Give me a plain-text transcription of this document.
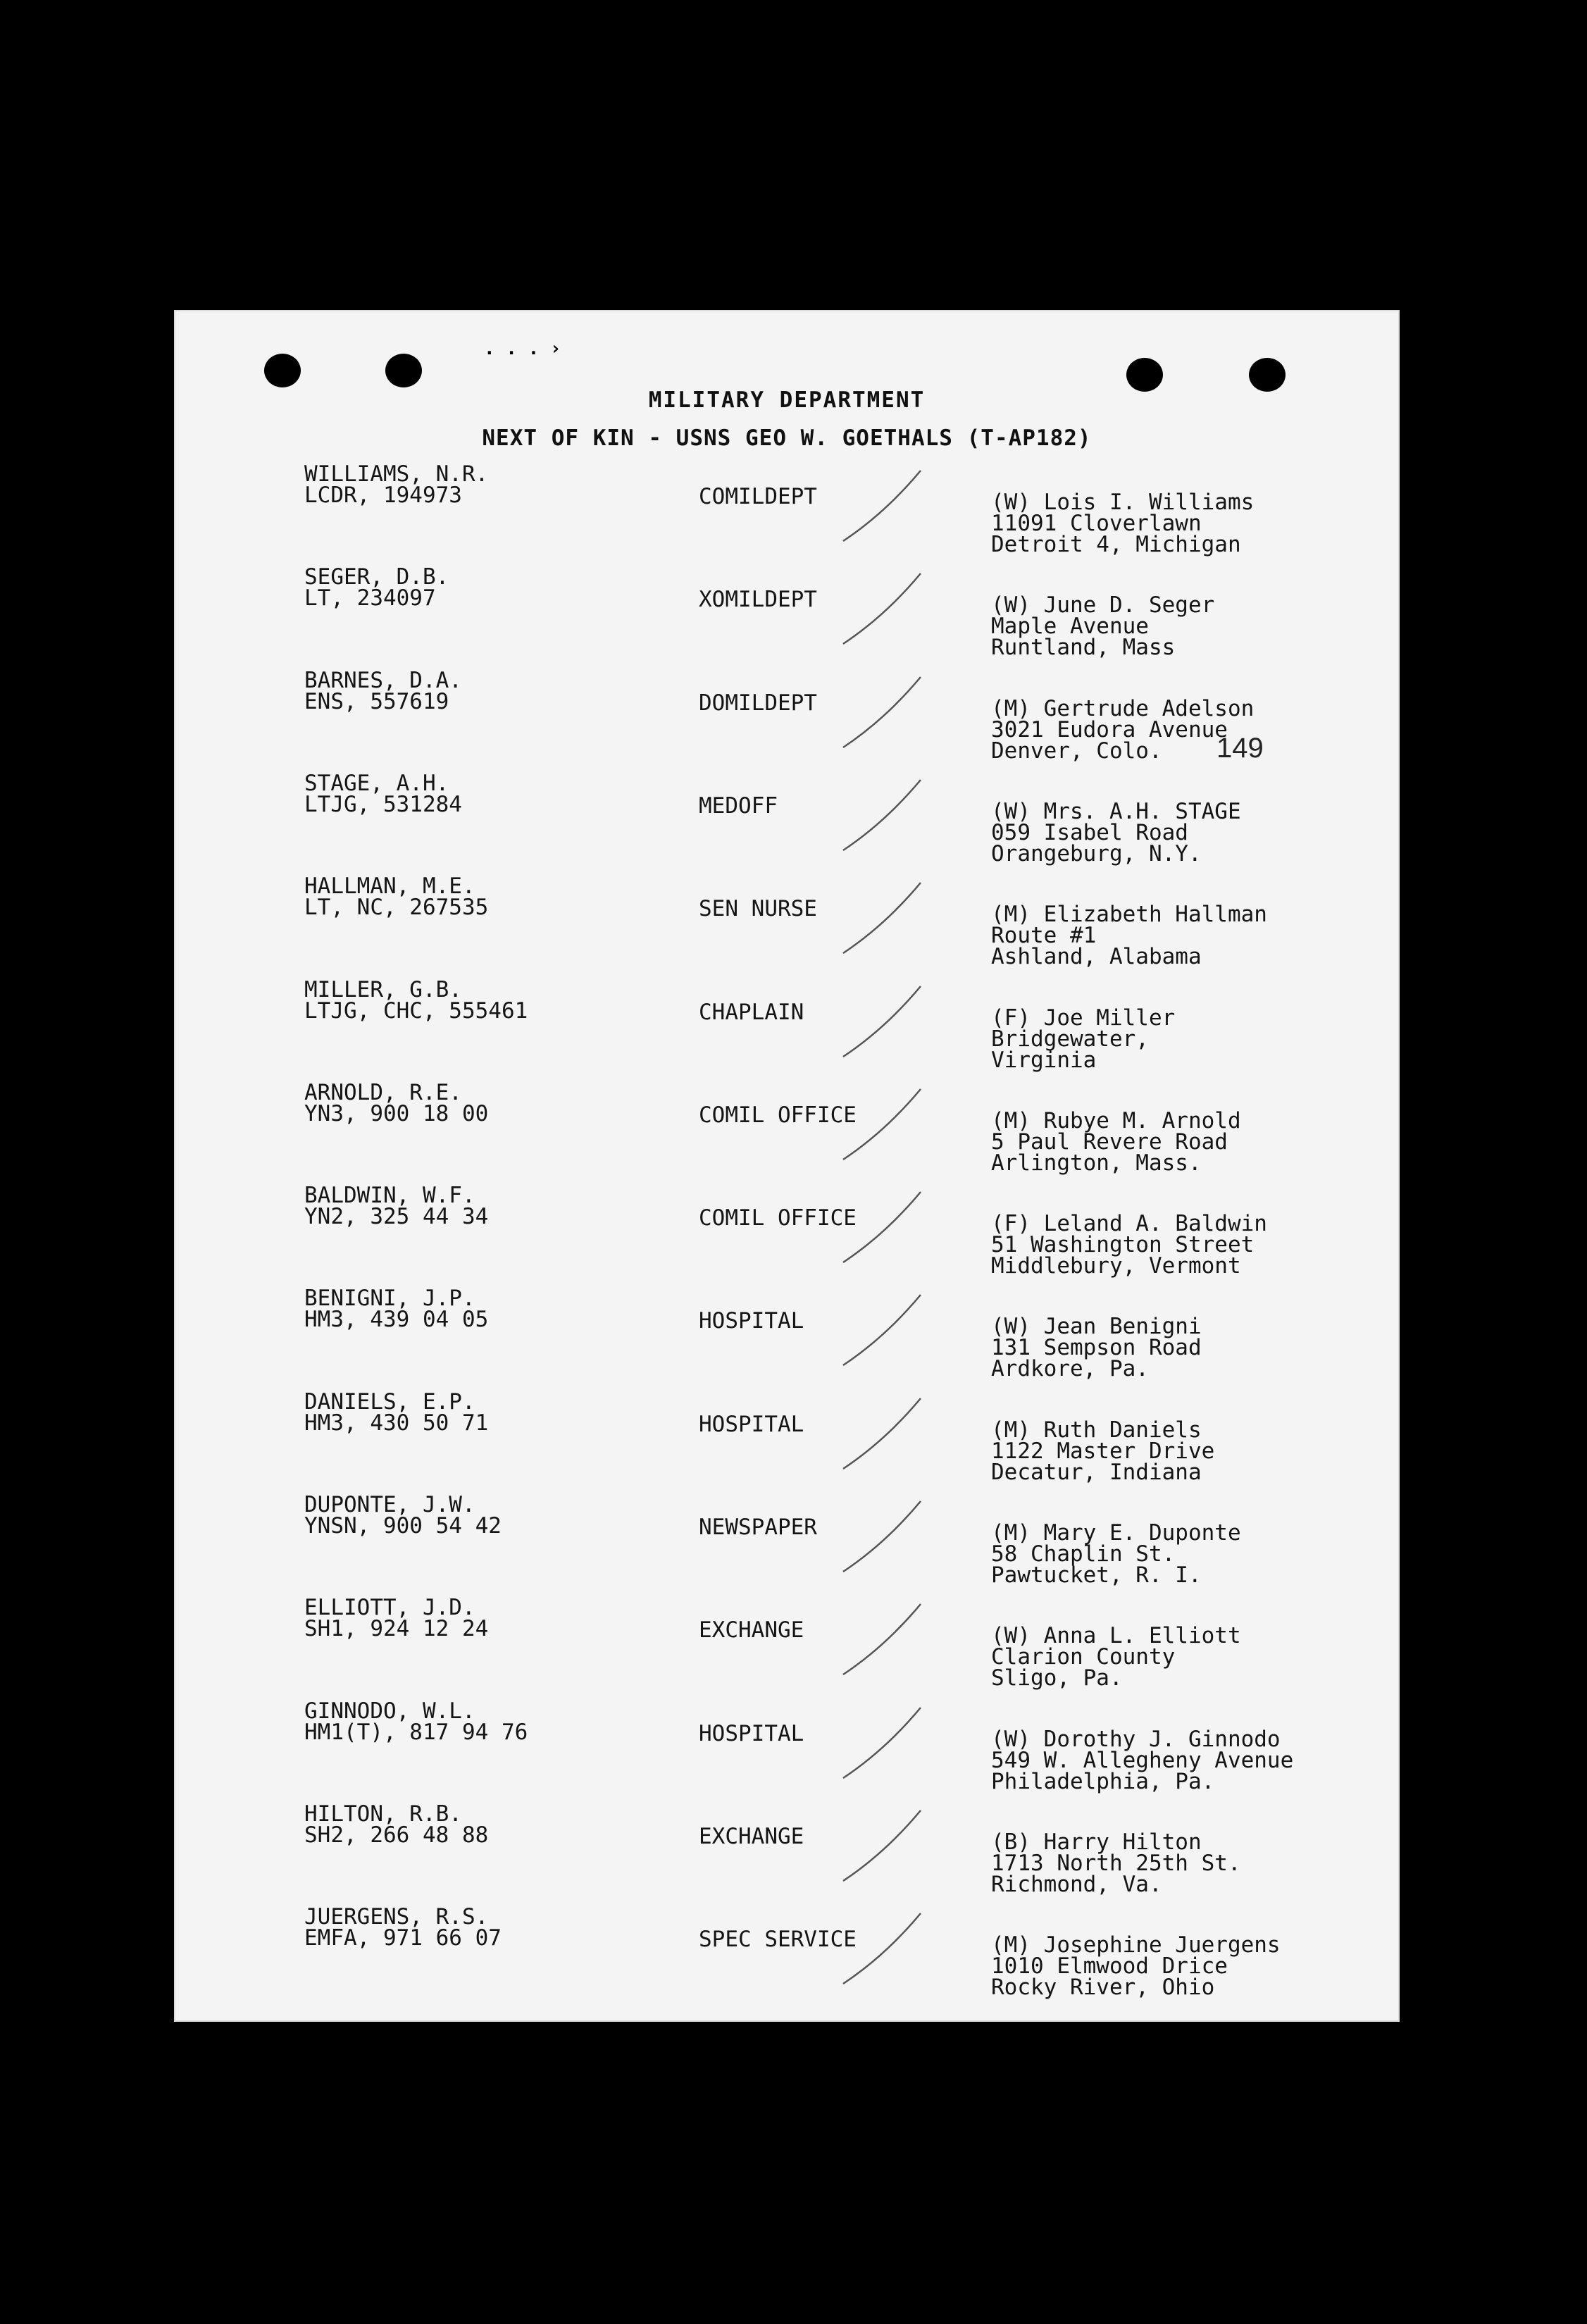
. . . ›
MILITARY DEPARTMENT
NEXT OF KIN - USNS GEO W. GOETHALS (T-AP182)
149
WILLIAMS, N.R.
LCDR, 194973	COMILDEPT	(W) Lois I. Williams
11091 Cloverlawn
Detroit 4, Michigan
SEGER, D.B.
LT, 234097	XOMILDEPT	(W) June D. Seger
Maple Avenue
Runtland, Mass
BARNES, D.A.
ENS, 557619	DOMILDEPT	(M) Gertrude Adelson
3021 Eudora Avenue
Denver, Colo.
STAGE, A.H.
LTJG, 531284	MEDOFF	(W) Mrs. A.H. STAGE
059 Isabel Road
Orangeburg, N.Y.
HALLMAN, M.E.
LT, NC, 267535	SEN NURSE	(M) Elizabeth Hallman
Route #1
Ashland, Alabama
MILLER, G.B.
LTJG, CHC, 555461	CHAPLAIN	(F) Joe Miller
Bridgewater,
Virginia
ARNOLD, R.E.
YN3, 900 18 00	COMIL OFFICE	(M) Rubye M. Arnold
5 Paul Revere Road
Arlington, Mass.
BALDWIN, W.F.
YN2, 325 44 34	COMIL OFFICE	(F) Leland A. Baldwin
51 Washington Street
Middlebury, Vermont
BENIGNI, J.P.
HM3, 439 04 05	HOSPITAL	(W) Jean Benigni
131 Sempson Road
Ardkore, Pa.
DANIELS, E.P.
HM3, 430 50 71	HOSPITAL	(M) Ruth Daniels
1122 Master Drive
Decatur, Indiana
DUPONTE, J.W.
YNSN, 900 54 42	NEWSPAPER	(M) Mary E. Duponte
58 Chaplin St.
Pawtucket, R. I.
ELLIOTT, J.D.
SH1, 924 12 24	EXCHANGE	(W) Anna L. Elliott
Clarion County
Sligo, Pa.
GINNODO, W.L.
HM1(T), 817 94 76	HOSPITAL	(W) Dorothy J. Ginnodo
549 W. Allegheny Avenue
Philadelphia, Pa.
HILTON, R.B.
SH2, 266 48 88	EXCHANGE	(B) Harry Hilton
1713 North 25th St.
Richmond, Va.
JUERGENS, R.S.
EMFA, 971 66 07	SPEC SERVICE	(M) Josephine Juergens
1010 Elmwood Drice
Rocky River, Ohio
